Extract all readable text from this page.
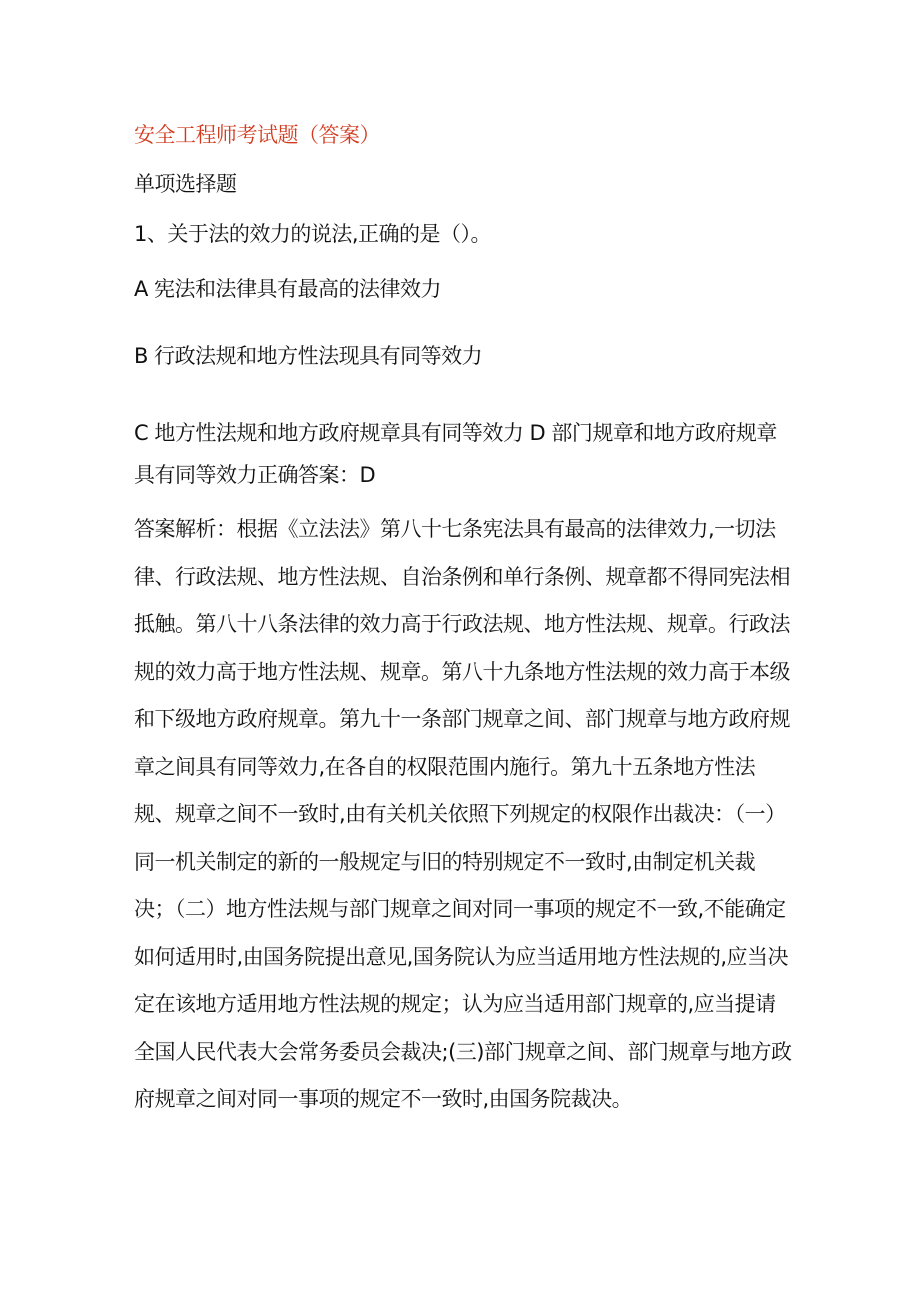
安全工程师考试题（答案）
单项选择题
1、关于法的效力的说法,正确的是（）。
A 宪法和法律具有最高的法律效力
B 行政法规和地方性法现具有同等效力
C 地方性法规和地方政府规章具有同等效力 D 部门规章和地方政府规章具有同等效力正确答案：D
答案解析：根据《立法法》第八十七条宪法具有最高的法律效力,一切法律、行政法规、地方性法规、自治条例和单行条例、规章都不得同宪法相抵触。第八十八条法律的效力高于行政法规、地方性法规、规章。行政法规的效力高于地方性法规、规章。第八十九条地方性法规的效力高于本级和下级地方政府规章。第九十一条部门规章之间、部门规章与地方政府规章之间具有同等效力,在各自的权限范围内施行。第九十五条地方性法规、规章之间不一致时,由有关机关依照下列规定的权限作出裁决：（一）同一机关制定的新的一般规定与旧的特别规定不一致时,由制定机关裁决；（二）地方性法规与部门规章之间对同一事项的规定不一致,不能确定如何适用时,由国务院提出意见,国务院认为应当适用地方性法规的,应当决定在该地方适用地方性法规的规定；认为应当适用部门规章的,应当提请全国人民代表大会常务委员会裁决;(三)部门规章之间、部门规章与地方政府规章之间对同一事项的规定不一致时,由国务院裁决。
